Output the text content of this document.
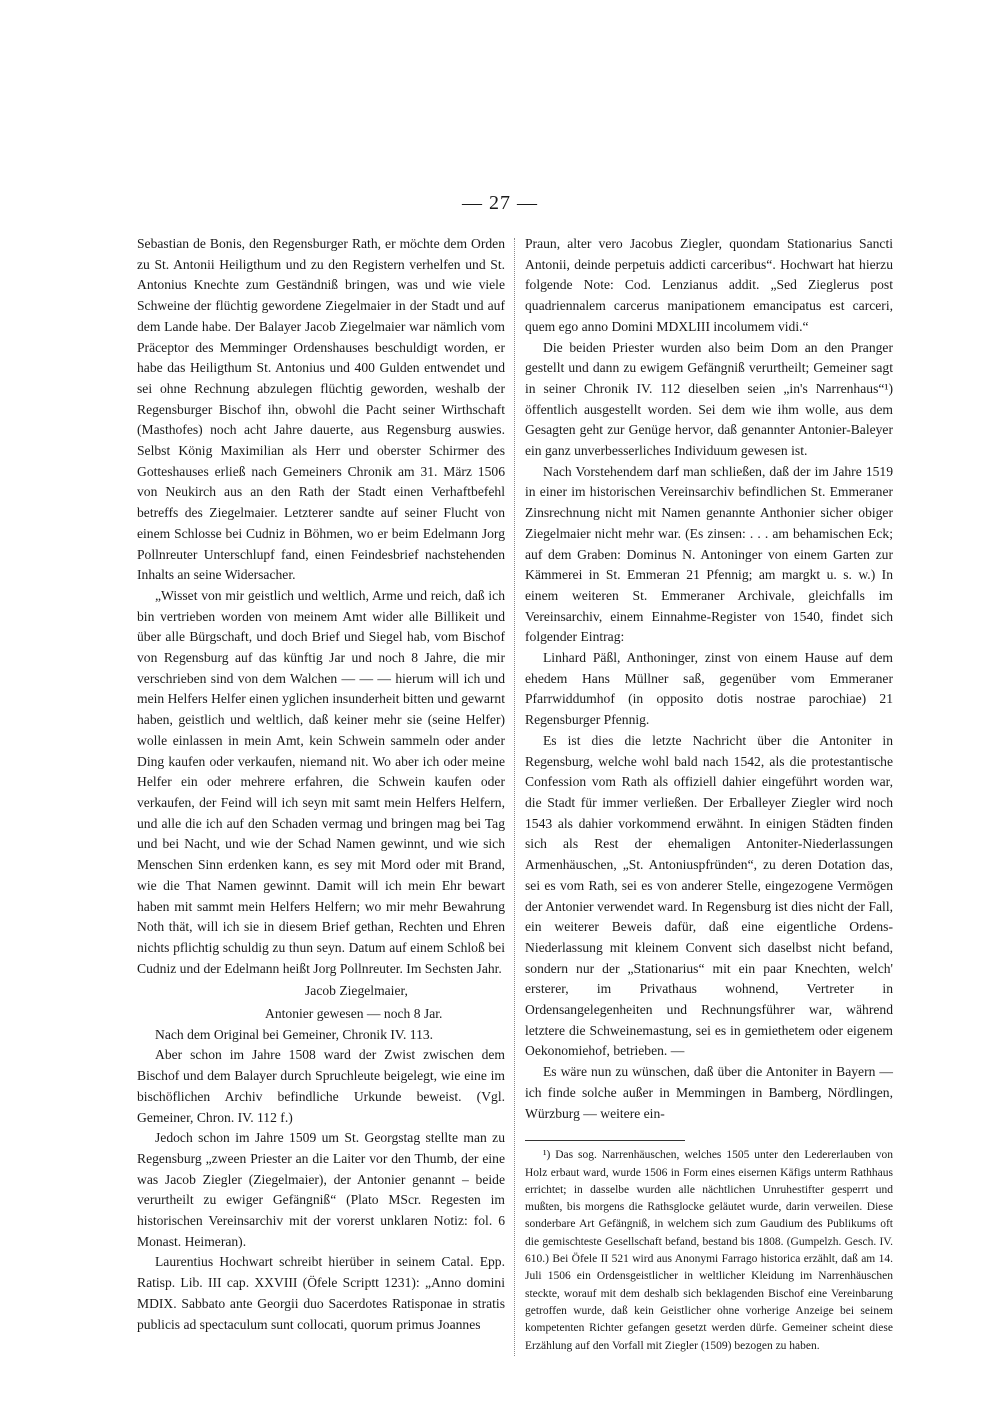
— 27 —

Sebastian de Bonis, den Regensburger Rath, er möchte dem Orden zu St. Antonii Heiligthum und zu den Registern verhelfen und St. Antonius Knechte zum Geständniß bringen, was und wie viele Schweine der flüchtig gewordene Ziegelmaier in der Stadt und auf dem Lande habe. Der Balayer Jacob Ziegelmaier war nämlich vom Präceptor des Memminger Ordenshauses beschuldigt worden, er habe das Heiligthum St. Antonius und 400 Gulden entwendet und sei ohne Rechnung abzulegen flüchtig geworden, weshalb der Regensburger Bischof ihn, obwohl die Pacht seiner Wirthschaft (Masthofes) noch acht Jahre dauerte, aus Regensburg auswies. Selbst König Maximilian als Herr und oberster Schirmer des Gotteshauses erließ nach Gemeiners Chronik am 31. März 1506 von Neukirch aus an den Rath der Stadt einen Verhaftbefehl betreffs des Ziegelmaier. Letzterer sandte auf seiner Flucht von einem Schlosse bei Cudniz in Böhmen, wo er beim Edelmann Jorg Pollnreuter Unterschlupf fand, einen Feindesbrief nachstehenden Inhalts an seine Widersacher.

„Wisset von mir geistlich und weltlich, Arme und reich, daß ich bin vertrieben worden von meinem Amt wider alle Billikeit und über alle Bürgschaft, und doch Brief und Siegel hab, vom Bischof von Regensburg auf das künftig Jar und noch 8 Jahre, die mir verschrieben sind von dem Walchen — — — hierum will ich und mein Helfers Helfer einen yglichen insunderheit bitten und gewarnt haben, geistlich und weltlich, daß keiner mehr sie (seine Helfer) wolle einlassen in mein Amt, kein Schwein sammeln oder ander Ding kaufen oder verkaufen, niemand nit. Wo aber ich oder meine Helfer ein oder mehrere erfahren, die Schwein kaufen oder verkaufen, der Feind will ich seyn mit samt mein Helfers Helfern, und alle die ich auf den Schaden vermag und bringen mag bei Tag und bei Nacht, und wie der Schad Namen gewinnt, und wie sich Menschen Sinn erdenken kann, es sey mit Mord oder mit Brand, wie die That Namen gewinnt. Damit will ich mein Ehr bewart haben mit sammt mein Helfers Helfern; wo mir mehr Bewahrung Noth thät, will ich sie in diesem Brief gethan, Rechten und Ehren nichts pflichtig schuldig zu thun seyn. Datum auf einem Schloß bei Cudniz und der Edelmann heißt Jorg Pollnreuter. Im Sechsten Jahr.

Jacob Ziegelmaier,

Antonier gewesen — noch 8 Jar.

Nach dem Original bei Gemeiner, Chronik IV. 113.

Aber schon im Jahre 1508 ward der Zwist zwischen dem Bischof und dem Balayer durch Spruchleute beigelegt, wie eine im bischöflichen Archiv befindliche Urkunde beweist. (Vgl. Gemeiner, Chron. IV. 112 f.)

Jedoch schon im Jahre 1509 um St. Georgstag stellte man zu Regensburg „zween Priester an die Laiter vor den Thumb, der eine was Jacob Ziegler (Ziegelmaier), der Antonier genannt – beide verurtheilt zu ewiger Gefängniß“ (Plato MScr. Regesten im historischen Vereinsarchiv mit der vorerst unklaren Notiz: fol. 6 Monast. Heimeran).

Laurentius Hochwart schreibt hierüber in seinem Catal. Epp. Ratisp. Lib. III cap. XXVIII (Öfele Scriptt 1231): „Anno domini MDIX. Sabbato ante Georgii duo Sacerdotes Ratisponae in stratis publicis ad spectaculum sunt collocati, quorum primus Joannes

Praun, alter vero Jacobus Ziegler, quondam Stationarius Sancti Antonii, deinde perpetuis addicti carceribus“. Hochwart hat hierzu folgende Note: Cod. Lenzianus addit. „Sed Zieglerus post quadriennalem carcerus manipationem emancipatus est carceri, quem ego anno Domini MDXLIII incolumem vidi.“

Die beiden Priester wurden also beim Dom an den Pranger gestellt und dann zu ewigem Gefängniß verurtheilt; Gemeiner sagt in seiner Chronik IV. 112 dieselben seien „in's Narrenhaus“¹) öffentlich ausgestellt worden. Sei dem wie ihm wolle, aus dem Gesagten geht zur Genüge hervor, daß genannter Antonier-Baleyer ein ganz unverbesserliches Individuum gewesen ist.

Nach Vorstehendem darf man schließen, daß der im Jahre 1519 in einer im historischen Vereinsarchiv befindlichen St. Emmeraner Zinsrechnung nicht mit Namen genannte Anthonier sicher obiger Ziegelmaier nicht mehr war. (Es zinsen: . . . am behamischen Eck; auf dem Graben: Dominus N. Antoninger von einem Garten zur Kämmerei in St. Emmeran 21 Pfennig; am margkt u. s. w.) In einem weiteren St. Emmeraner Archivale, gleichfalls im Vereinsarchiv, einem Einnahme-Register von 1540, findet sich folgender Eintrag:

Linhard Päßl, Anthoninger, zinst von einem Hause auf dem ehedem Hans Müllner saß, gegenüber vom Emmeraner Pfarrwiddumhof (in opposito dotis nostrae parochiae) 21 Regensburger Pfennig.

Es ist dies die letzte Nachricht über die Antoniter in Regensburg, welche wohl bald nach 1542, als die protestantische Confession vom Rath als offiziell dahier eingeführt worden war, die Stadt für immer verließen. Der Erballeyer Ziegler wird noch 1543 als dahier vorkommend erwähnt. In einigen Städten finden sich als Rest der ehemaligen Antoniter-Niederlassungen Armenhäuschen, „St. Antoniuspfründen“, zu deren Dotation das, sei es vom Rath, sei es von anderer Stelle, eingezogene Vermögen der Antonier verwendet ward. In Regensburg ist dies nicht der Fall, ein weiterer Beweis dafür, daß eine eigentliche Ordens-Niederlassung mit kleinem Convent sich daselbst nicht befand, sondern nur der „Stationarius“ mit ein paar Knechten, welch' ersterer, im Privathaus wohnend, Vertreter in Ordensangelegenheiten und Rechnungsführer war, während letztere die Schweinemastung, sei es in gemiethetem oder eigenem Oekonomiehof, betrieben. —

Es wäre nun zu wünschen, daß über die Antoniter in Bayern — ich finde solche außer in Memmingen in Bamberg, Nördlingen, Würzburg — weitere ein-

¹) Das sog. Narrenhäuschen, welches 1505 unter den Ledererlauben von Holz erbaut ward, wurde 1506 in Form eines eisernen Käfigs unterm Rathhaus errichtet; in dasselbe wurden alle nächtlichen Unruhestifter gesperrt und mußten, bis morgens die Rathsglocke geläutet wurde, darin verweilen. Diese sonderbare Art Gefängniß, in welchem sich zum Gaudium des Publikums oft die gemischteste Gesellschaft befand, bestand bis 1808. (Gumpelzh. Gesch. IV. 610.) Bei Öfele II 521 wird aus Anonymi Farrago historica erzählt, daß am 14. Juli 1506 ein Ordensgeistlicher in weltlicher Kleidung im Narrenhäuschen steckte, worauf mit dem deshalb sich beklagenden Bischof eine Vereinbarung getroffen wurde, daß kein Geistlicher ohne vorherige Anzeige bei seinem kompetenten Richter gefangen gesetzt werden dürfe. Gemeiner scheint diese Erzählung auf den Vorfall mit Ziegler (1509) bezogen zu haben.
